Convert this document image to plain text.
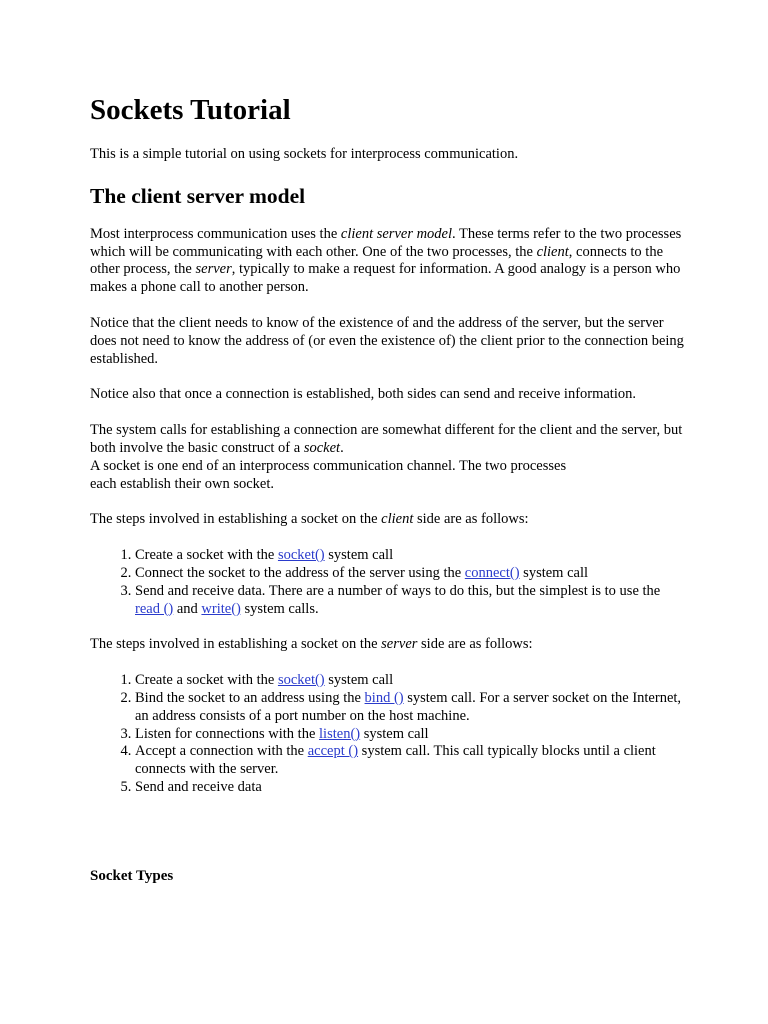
Sockets Tutorial

This is a simple tutorial on using sockets for interprocess communication.

The client server model

Most interprocess communication uses the client server model. These terms refer to the two processes which will be communicating with each other. One of the two processes, the client, connects to the other process, the server, typically to make a request for information. A good analogy is a person who makes a phone call to another person.

Notice that the client needs to know of the existence of and the address of the server, but the server does not need to know the address of (or even the existence of) the client prior to the connection being established.

Notice also that once a connection is established, both sides can send and receive information.

The system calls for establishing a connection are somewhat different for the client and the server, but both involve the basic construct of a socket.
A socket is one end of an interprocess communication channel. The two processes
each establish their own socket.

The steps involved in establishing a socket on the client side are as follows:

1. Create a socket with the socket() system call
2. Connect the socket to the address of the server using the connect() system call
3. Send and receive data. There are a number of ways to do this, but the simplest is to use the read () and write() system calls.

The steps involved in establishing a socket on the server side are as follows:

1. Create a socket with the socket() system call
2. Bind the socket to an address using the bind () system call. For a server socket on the Internet, an address consists of a port number on the host machine.
3. Listen for connections with the listen() system call
4. Accept a connection with the accept () system call. This call typically blocks until a client connects with the server.
5. Send and receive data
Socket Types
